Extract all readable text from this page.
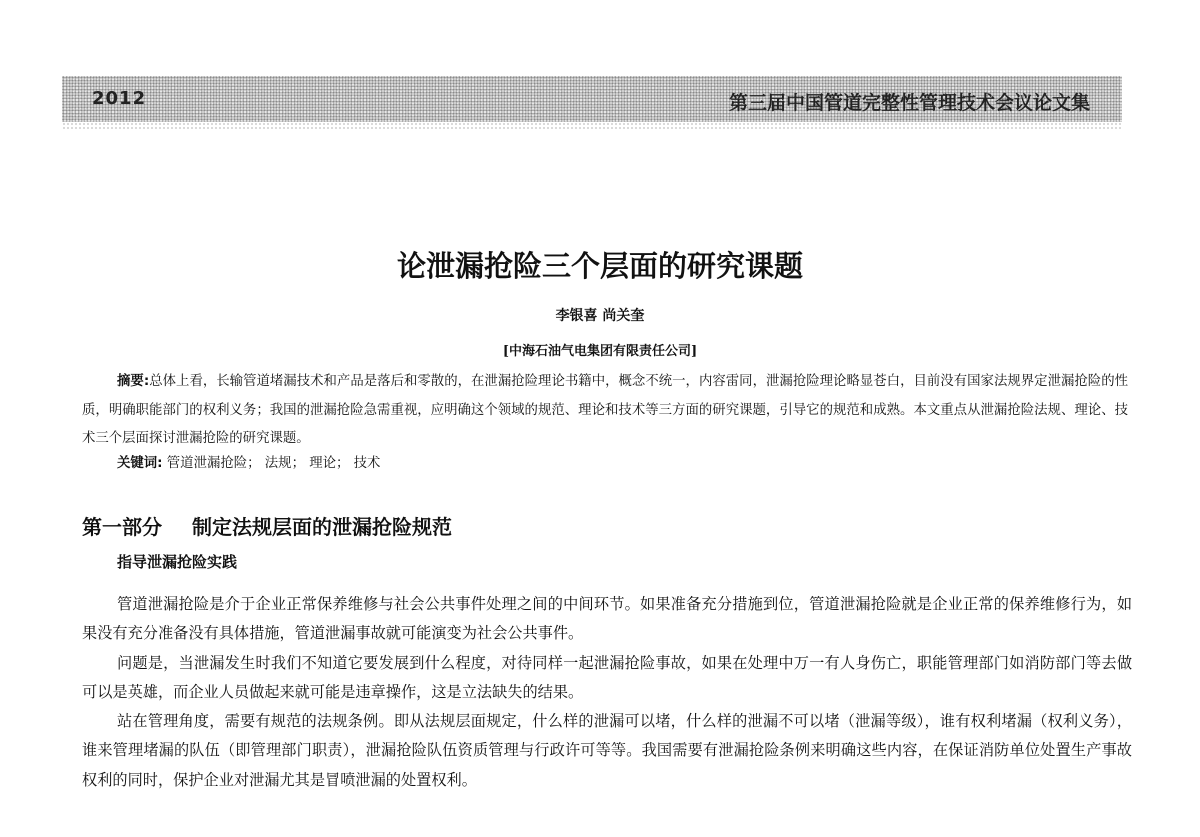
2012	第三届中国管道完整性管理技术会议论文集
论泄漏抢险三个层面的研究课题
李银喜 尚关奎
[中海石油气电集团有限责任公司]
摘要:总体上看，长输管道堵漏技术和产品是落后和零散的，在泄漏抢险理论书籍中，概念不统一，内容雷同，泄漏抢险理论略显苍白，目前没有国家法规界定泄漏抢险的性质，明确职能部门的权利义务；我国的泄漏抢险急需重视，应明确这个领域的规范、理论和技术等三方面的研究课题，引导它的规范和成熟。本文重点从泄漏抢险法规、理论、技术三个层面探讨泄漏抢险的研究课题。
关键词: 管道泄漏抢险； 法规； 理论； 技术
第一部分 制定法规层面的泄漏抢险规范
指导泄漏抢险实践

管道泄漏抢险是介于企业正常保养维修与社会公共事件处理之间的中间环节。如果准备充分措施到位，管道泄漏抢险就是企业正常的保养维修行为，如果没有充分准备没有具体措施，管道泄漏事故就可能演变为社会公共事件。

问题是，当泄漏发生时我们不知道它要发展到什么程度，对待同样一起泄漏抢险事故，如果在处理中万一有人身伤亡，职能管理部门如消防部门等去做可以是英雄，而企业人员做起来就可能是违章操作，这是立法缺失的结果。

站在管理角度，需要有规范的法规条例。即从法规层面规定，什么样的泄漏可以堵，什么样的泄漏不可以堵（泄漏等级），谁有权利堵漏（权利义务），谁来管理堵漏的队伍（即管理部门职责），泄漏抢险队伍资质管理与行政许可等等。我国需要有泄漏抢险条例来明确这些内容，在保证消防单位处置生产事故权利的同时，保护企业对泄漏尤其是冒喷泄漏的处置权利。
